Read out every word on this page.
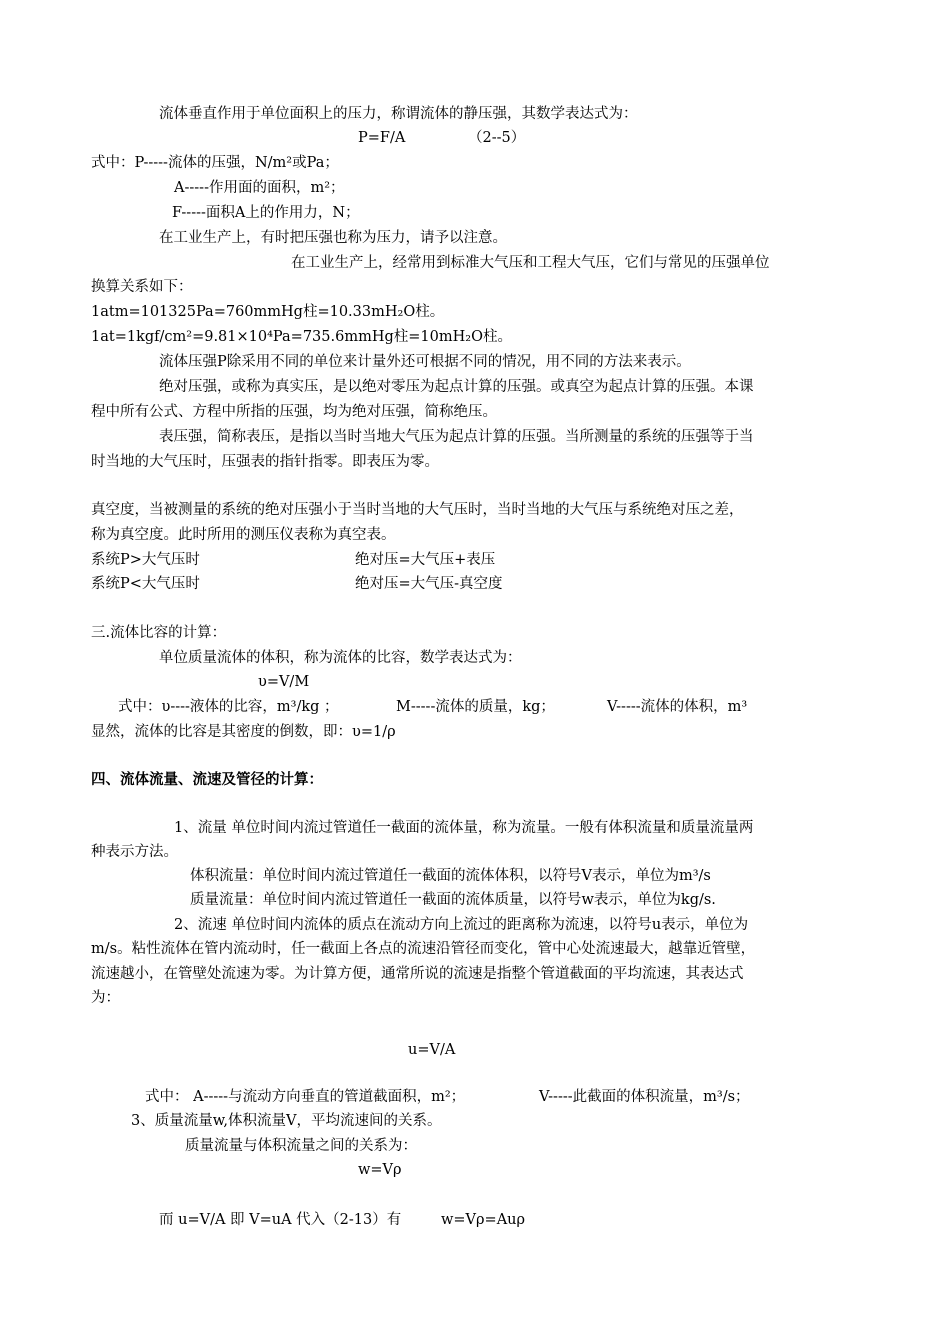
流体垂直作用于单位面积上的压力，称谓流体的静压强，其数学表达式为：
P=F/A	（2--5）
式中：P-----流体的压强，N/m²或Pa；
A-----作用面的面积，m²；
F-----面积A上的作用力，N；
在工业生产上，有时把压强也称为压力，请予以注意。
在工业生产上，经常用到标准大气压和工程大气压，它们与常见的压强单位
换算关系如下：
1atm=101325Pa=760mmHg柱=10.33mH₂O柱。
1at=1kgf/cm²=9.81×10⁴Pa=735.6mmHg柱=10mH₂O柱。
流体压强P除采用不同的单位来计量外还可根据不同的情况，用不同的方法来表示。
绝对压强，或称为真实压，是以绝对零压为起点计算的压强。或真空为起点计算的压强。本课
程中所有公式、方程中所指的压强，均为绝对压强，简称绝压。
表压强，简称表压，是指以当时当地大气压为起点计算的压强。当所测量的系统的压强等于当
时当地的大气压时，压强表的指针指零。即表压为零。
真空度，当被测量的系统的绝对压强小于当时当地的大气压时，当时当地的大气压与系统绝对压之差，
称为真空度。此时所用的测压仪表称为真空表。
系统P>大气压时	绝对压=大气压+表压
系统P<大气压时	绝对压=大气压-真空度
三.流体比容的计算：
单位质量流体的体积，称为流体的比容，数学表达式为：
υ=V/M
式中：υ----液体的比容，m³/kg ；	M-----流体的质量，kg；	V-----流体的体积，m³
显然，流体的比容是其密度的倒数，即：υ=1/ρ
四、流体流量、流速及管径的计算：
1、流量 单位时间内流过管道任一截面的流体量，称为流量。一般有体积流量和质量流量两
种表示方法。
体积流量：单位时间内流过管道任一截面的流体体积，以符号V表示，单位为m³/s
质量流量：单位时间内流过管道任一截面的流体质量，以符号w表示，单位为kg/s.
2、流速 单位时间内流体的质点在流动方向上流过的距离称为流速，以符号u表示，单位为
m/s。粘性流体在管内流动时，任一截面上各点的流速沿管径而变化，管中心处流速最大，越靠近管壁，
流速越小，在管壁处流速为零。为计算方便，通常所说的流速是指整个管道截面的平均流速，其表达式
为：
u=V/A
式中： A-----与流动方向垂直的管道截面积，m²；	V-----此截面的体积流量，m³/s；
3、质量流量w,体积流量V，平均流速间的关系。
质量流量与体积流量之间的关系为：
w=Vρ
而 u=V/A 即 V=uA 代入（2-13）有	w=Vρ=Auρ
